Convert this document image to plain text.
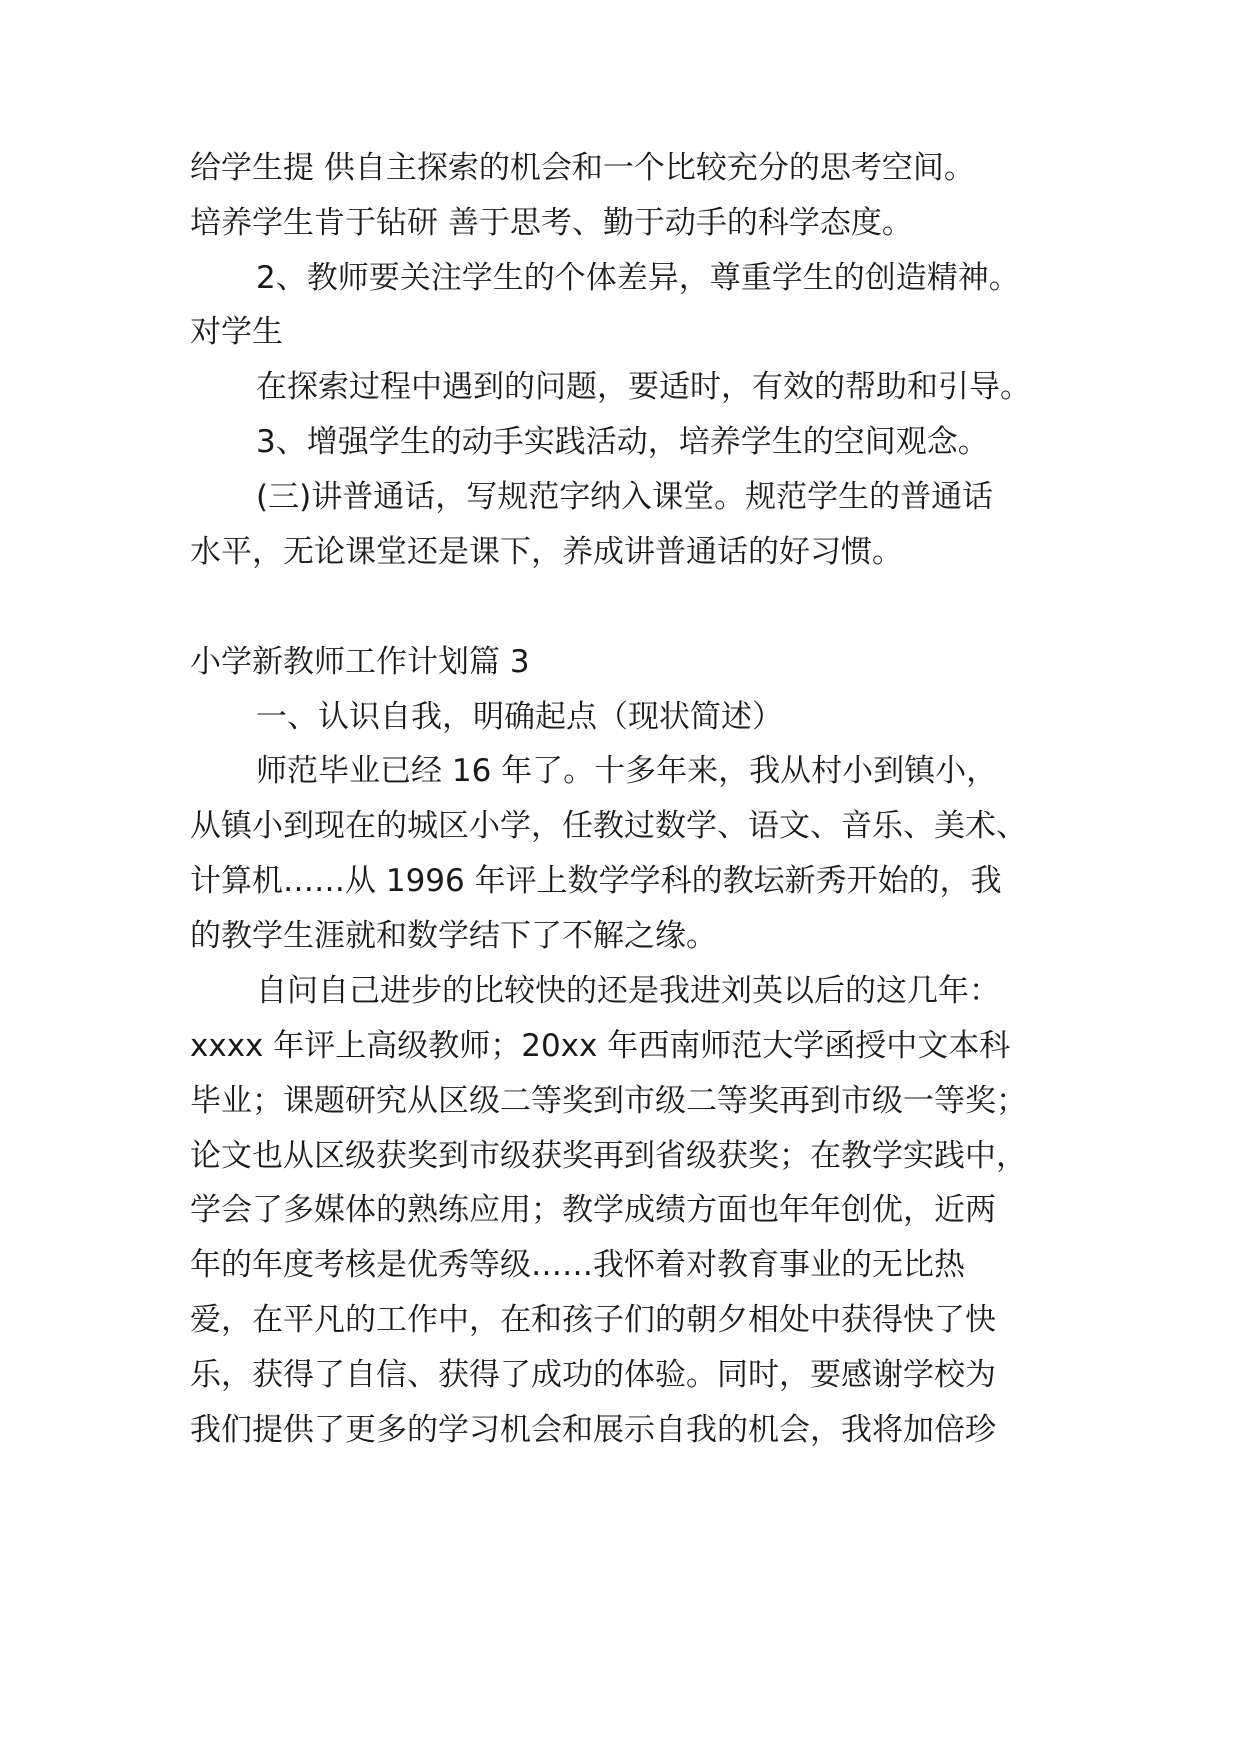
给学生提 供自主探索的机会和一个比较充分的思考空间。
培养学生肯于钻研 善于思考、勤于动手的科学态度。
2、教师要关注学生的个体差异，尊重学生的创造精神。
对学生
在探索过程中遇到的问题，要适时，有效的帮助和引导。
3、增强学生的动手实践活动，培养学生的空间观念。
(三)讲普通话，写规范字纳入课堂。规范学生的普通话
水平，无论课堂还是课下，养成讲普通话的好习惯。
小学新教师工作计划篇 3
一、认识自我，明确起点（现状简述）
师范毕业已经 16 年了。十多年来，我从村小到镇小，
从镇小到现在的城区小学，任教过数学、语文、音乐、美术、
计算机……从 1996 年评上数学学科的教坛新秀开始的，我
的教学生涯就和数学结下了不解之缘。
自问自己进步的比较快的还是我进刘英以后的这几年：
xxxx 年评上高级教师；20xx 年西南师范大学函授中文本科
毕业；课题研究从区级二等奖到市级二等奖再到市级一等奖；
论文也从区级获奖到市级获奖再到省级获奖；在教学实践中，
学会了多媒体的熟练应用；教学成绩方面也年年创优，近两
年的年度考核是优秀等级……我怀着对教育事业的无比热
爱，在平凡的工作中，在和孩子们的朝夕相处中获得快了快
乐，获得了自信、获得了成功的体验。同时，要感谢学校为
我们提供了更多的学习机会和展示自我的机会，我将加倍珍
